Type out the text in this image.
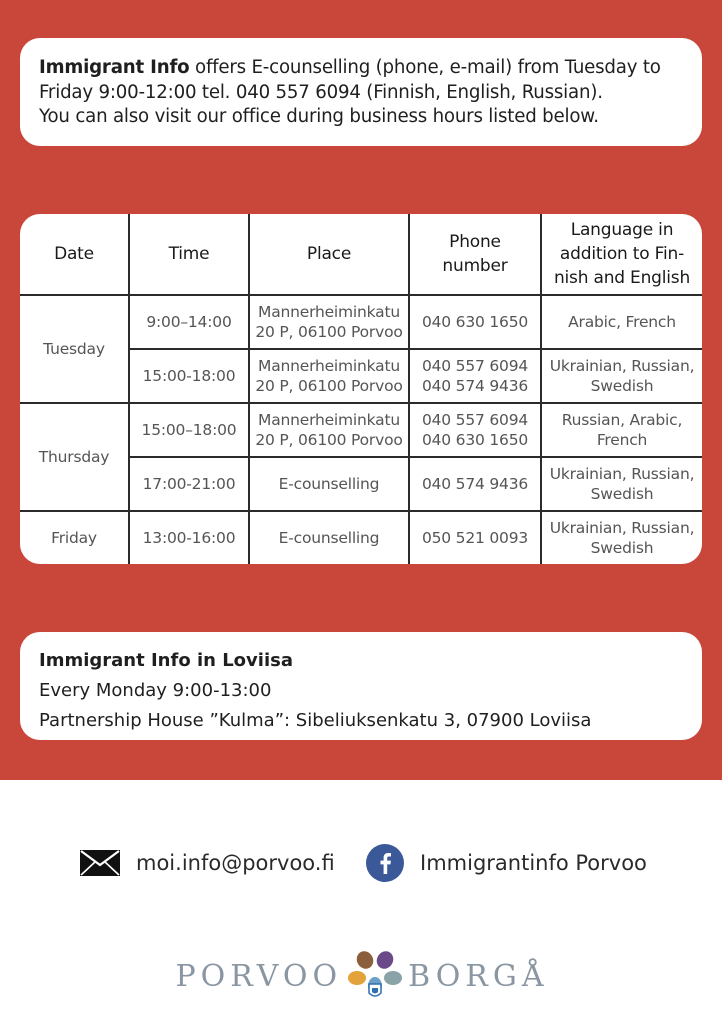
Immigrant Info offers E-counselling (phone, e-mail) from Tuesday to
Friday 9:00-12:00 tel. 040 557 6094 (Finnish, English, Russian).
You can also visit our office during business hours listed below.
Date	Time	Place	Phone
number	Language in
addition to Fin-
nish and English

Tuesday	9:00–14:00	Mannerheiminkatu
20 P, 06100 Porvoo	040 630 1650	Arabic, French

	15:00-18:00	Mannerheiminkatu
20 P, 06100 Porvoo	040 557 6094
040 574 9436	Ukrainian, Russian,
Swedish

Thursday	15:00–18:00	Mannerheiminkatu
20 P, 06100 Porvoo	040 557 6094
040 630 1650	Russian, Arabic,
French

	17:00-21:00	E-counselling	040 574 9436	Ukrainian, Russian,
Swedish

Friday	13:00-16:00	E-counselling	050 521 0093	Ukrainian, Russian,
Swedish
Immigrant Info in Loviisa
Every Monday 9:00-13:00
Partnership House ”Kulma”: Sibeliuksenkatu 3, 07900 Loviisa
moi.info@porvoo.fi	Immigrantinfo Porvoo
PORVOO BORGÅ
